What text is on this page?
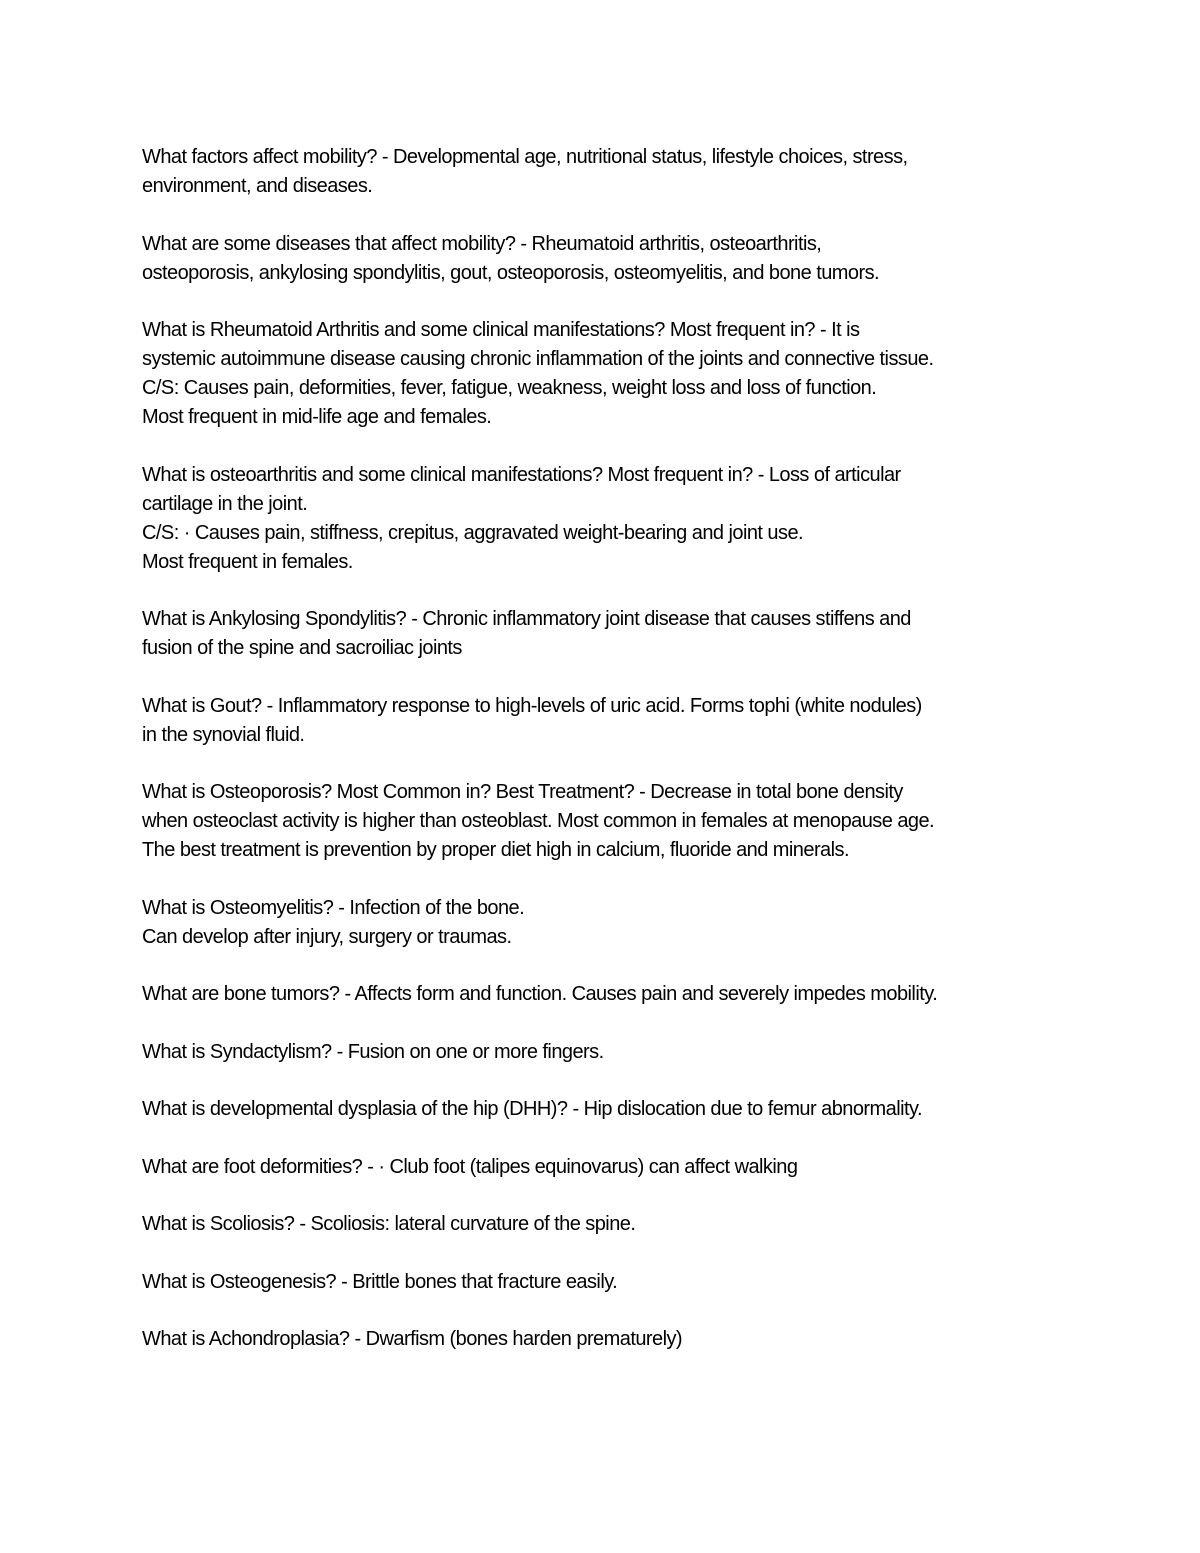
What factors affect mobility? - Developmental age, nutritional status, lifestyle choices, stress,
environment, and diseases.

What are some diseases that affect mobility? - Rheumatoid arthritis, osteoarthritis,
osteoporosis, ankylosing spondylitis, gout, osteoporosis, osteomyelitis, and bone tumors.

What is Rheumatoid Arthritis and some clinical manifestations? Most frequent in? - It is
systemic autoimmune disease causing chronic inflammation of the joints and connective tissue.
C/S: Causes pain, deformities, fever, fatigue, weakness, weight loss and loss of function.
Most frequent in mid-life age and females.

What is osteoarthritis and some clinical manifestations? Most frequent in? - Loss of articular
cartilage in the joint.
C/S: · Causes pain, stiffness, crepitus, aggravated weight-bearing and joint use.
Most frequent in females.

What is Ankylosing Spondylitis? - Chronic inflammatory joint disease that causes stiffens and
fusion of the spine and sacroiliac joints

What is Gout? - Inflammatory response to high-levels of uric acid. Forms tophi (white nodules)
in the synovial fluid.

What is Osteoporosis? Most Common in? Best Treatment? - Decrease in total bone density
when osteoclast activity is higher than osteoblast. Most common in females at menopause age.
The best treatment is prevention by proper diet high in calcium, fluoride and minerals.

What is Osteomyelitis? - Infection of the bone.
Can develop after injury, surgery or traumas.

What are bone tumors? - Affects form and function. Causes pain and severely impedes mobility.

What is Syndactylism? - Fusion on one or more fingers.

What is developmental dysplasia of the hip (DHH)? - Hip dislocation due to femur abnormality.

What are foot deformities? - · Club foot (talipes equinovarus) can affect walking

What is Scoliosis? - Scoliosis: lateral curvature of the spine.

What is Osteogenesis? - Brittle bones that fracture easily.

What is Achondroplasia? - Dwarfism (bones harden prematurely)
